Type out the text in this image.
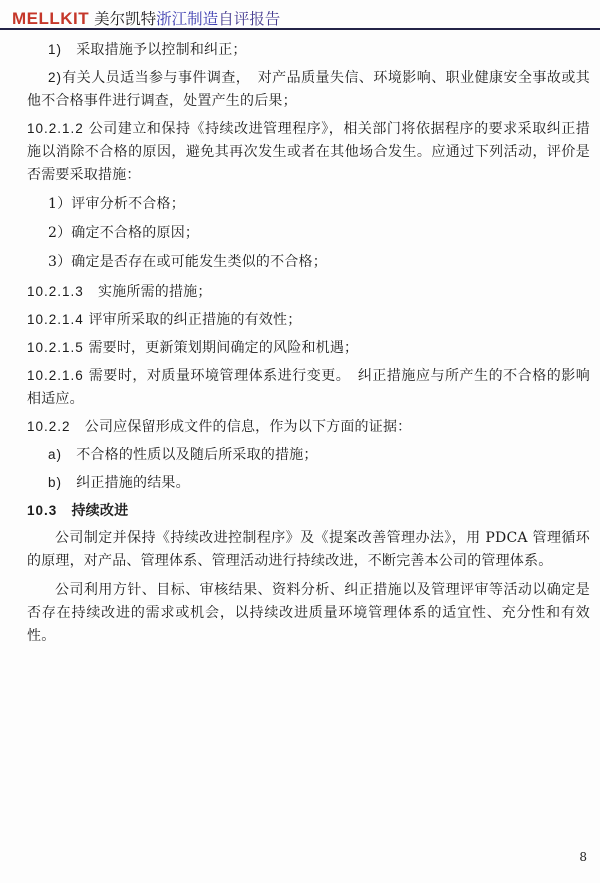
MELLKIT 美尔凯特浙江制造自评报告

1)　采取措施予以控制和纠正；

2)有关人员适当参与事件调查，　对产品质量失信、环境影响、职业健康安全事故或其他不合格事件进行调查，处置产生的后果；

10.2.1.2 公司建立和保持《持续改进管理程序》，相关部门将依据程序的要求采取纠正措施以消除不合格的原因，避免其再次发生或者在其他场合发生。应通过下列活动，评价是否需要采取措施：

1）评审分析不合格；

2）确定不合格的原因；

3）确定是否存在或可能发生类似的不合格；

10.2.1.3　实施所需的措施；

10.2.1.4 评审所采取的纠正措施的有效性；

10.2.1.5 需要时，更新策划期间确定的风险和机遇；

10.2.1.6 需要时，对质量环境管理体系进行变更。　纠正措施应与所产生的不合格的影响相适应。

10.2.2　公司应保留形成文件的信息，作为以下方面的证据：

a)　不合格的性质以及随后所采取的措施；

b)　纠正措施的结果。

10.3　持续改进

公司制定并保持《持续改进控制程序》及《提案改善管理办法》，用 PDCA 管理循环的原理，对产品、管理体系、管理活动进行持续改进，不断完善本公司的管理体系。

公司利用方针、目标、审核结果、资料分析、纠正措施以及管理评审等活动以确定是否存在持续改进的需求或机会，以持续改进质量环境管理体系的适宜性、充分性和有效性。

8
